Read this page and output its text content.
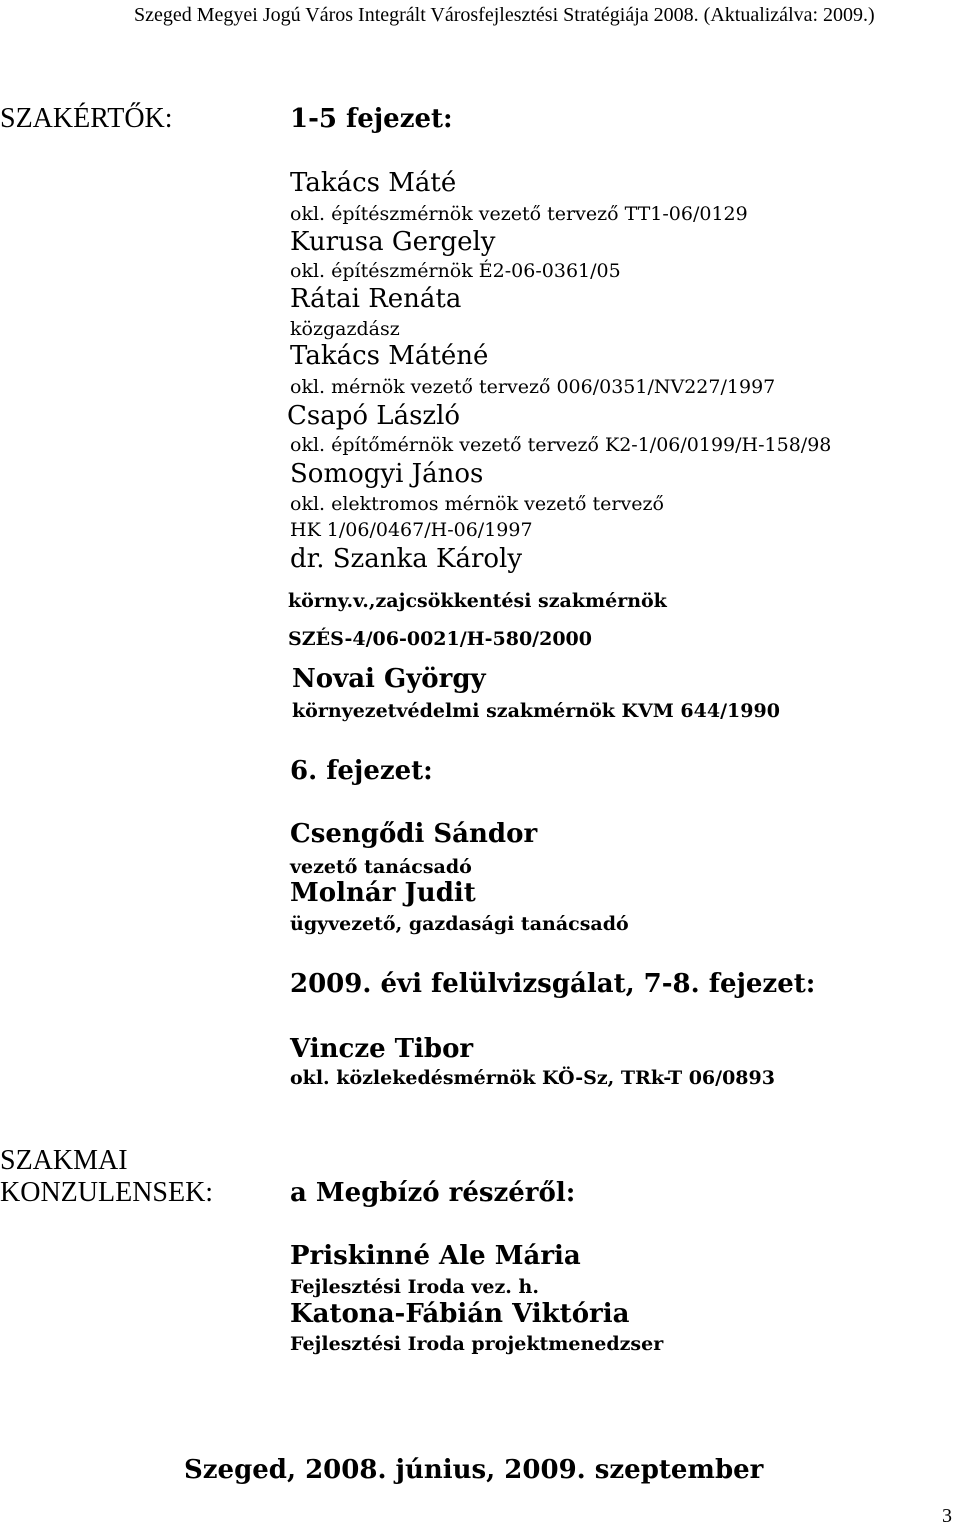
Szeged Megyei Jogú Város Integrált Városfejlesztési Stratégiája 2008. (Aktualizálva: 2009.)
SZAKÉRTŐK:	1-5 fejezet:
Takács Máté
okl. építészmérnök vezető tervező TT1-06/0129
Kurusa Gergely
okl. építészmérnök É2-06-0361/05
Rátai Renáta
közgazdász
Takács Máténé
okl. mérnök vezető tervező 006/0351/NV227/1997
Csapó László
okl. építőmérnök vezető tervező K2-1/06/0199/H-158/98
Somogyi János
okl. elektromos mérnök vezető tervező
HK 1/06/0467/H-06/1997
dr. Szanka Károly
körny.v.,zajcsökkentési szakmérnök
SZÉS-4/06-0021/H-580/2000
Novai György
környezetvédelmi szakmérnök KVM 644/1990
6. fejezet:
Csengődi Sándor
vezető tanácsadó
Molnár Judit
ügyvezető, gazdasági tanácsadó
2009. évi felülvizsgálat, 7-8. fejezet:
Vincze Tibor
okl. közlekedésmérnök KÖ-Sz, TRk-T 06/0893
SZAKMAI
KONZULENSEK:	a Megbízó részéről:
Priskinné Ale Mária
Fejlesztési Iroda vez. h.
Katona-Fábián Viktória
Fejlesztési Iroda projektmenedzser
Szeged, 2008. június, 2009. szeptember
3
